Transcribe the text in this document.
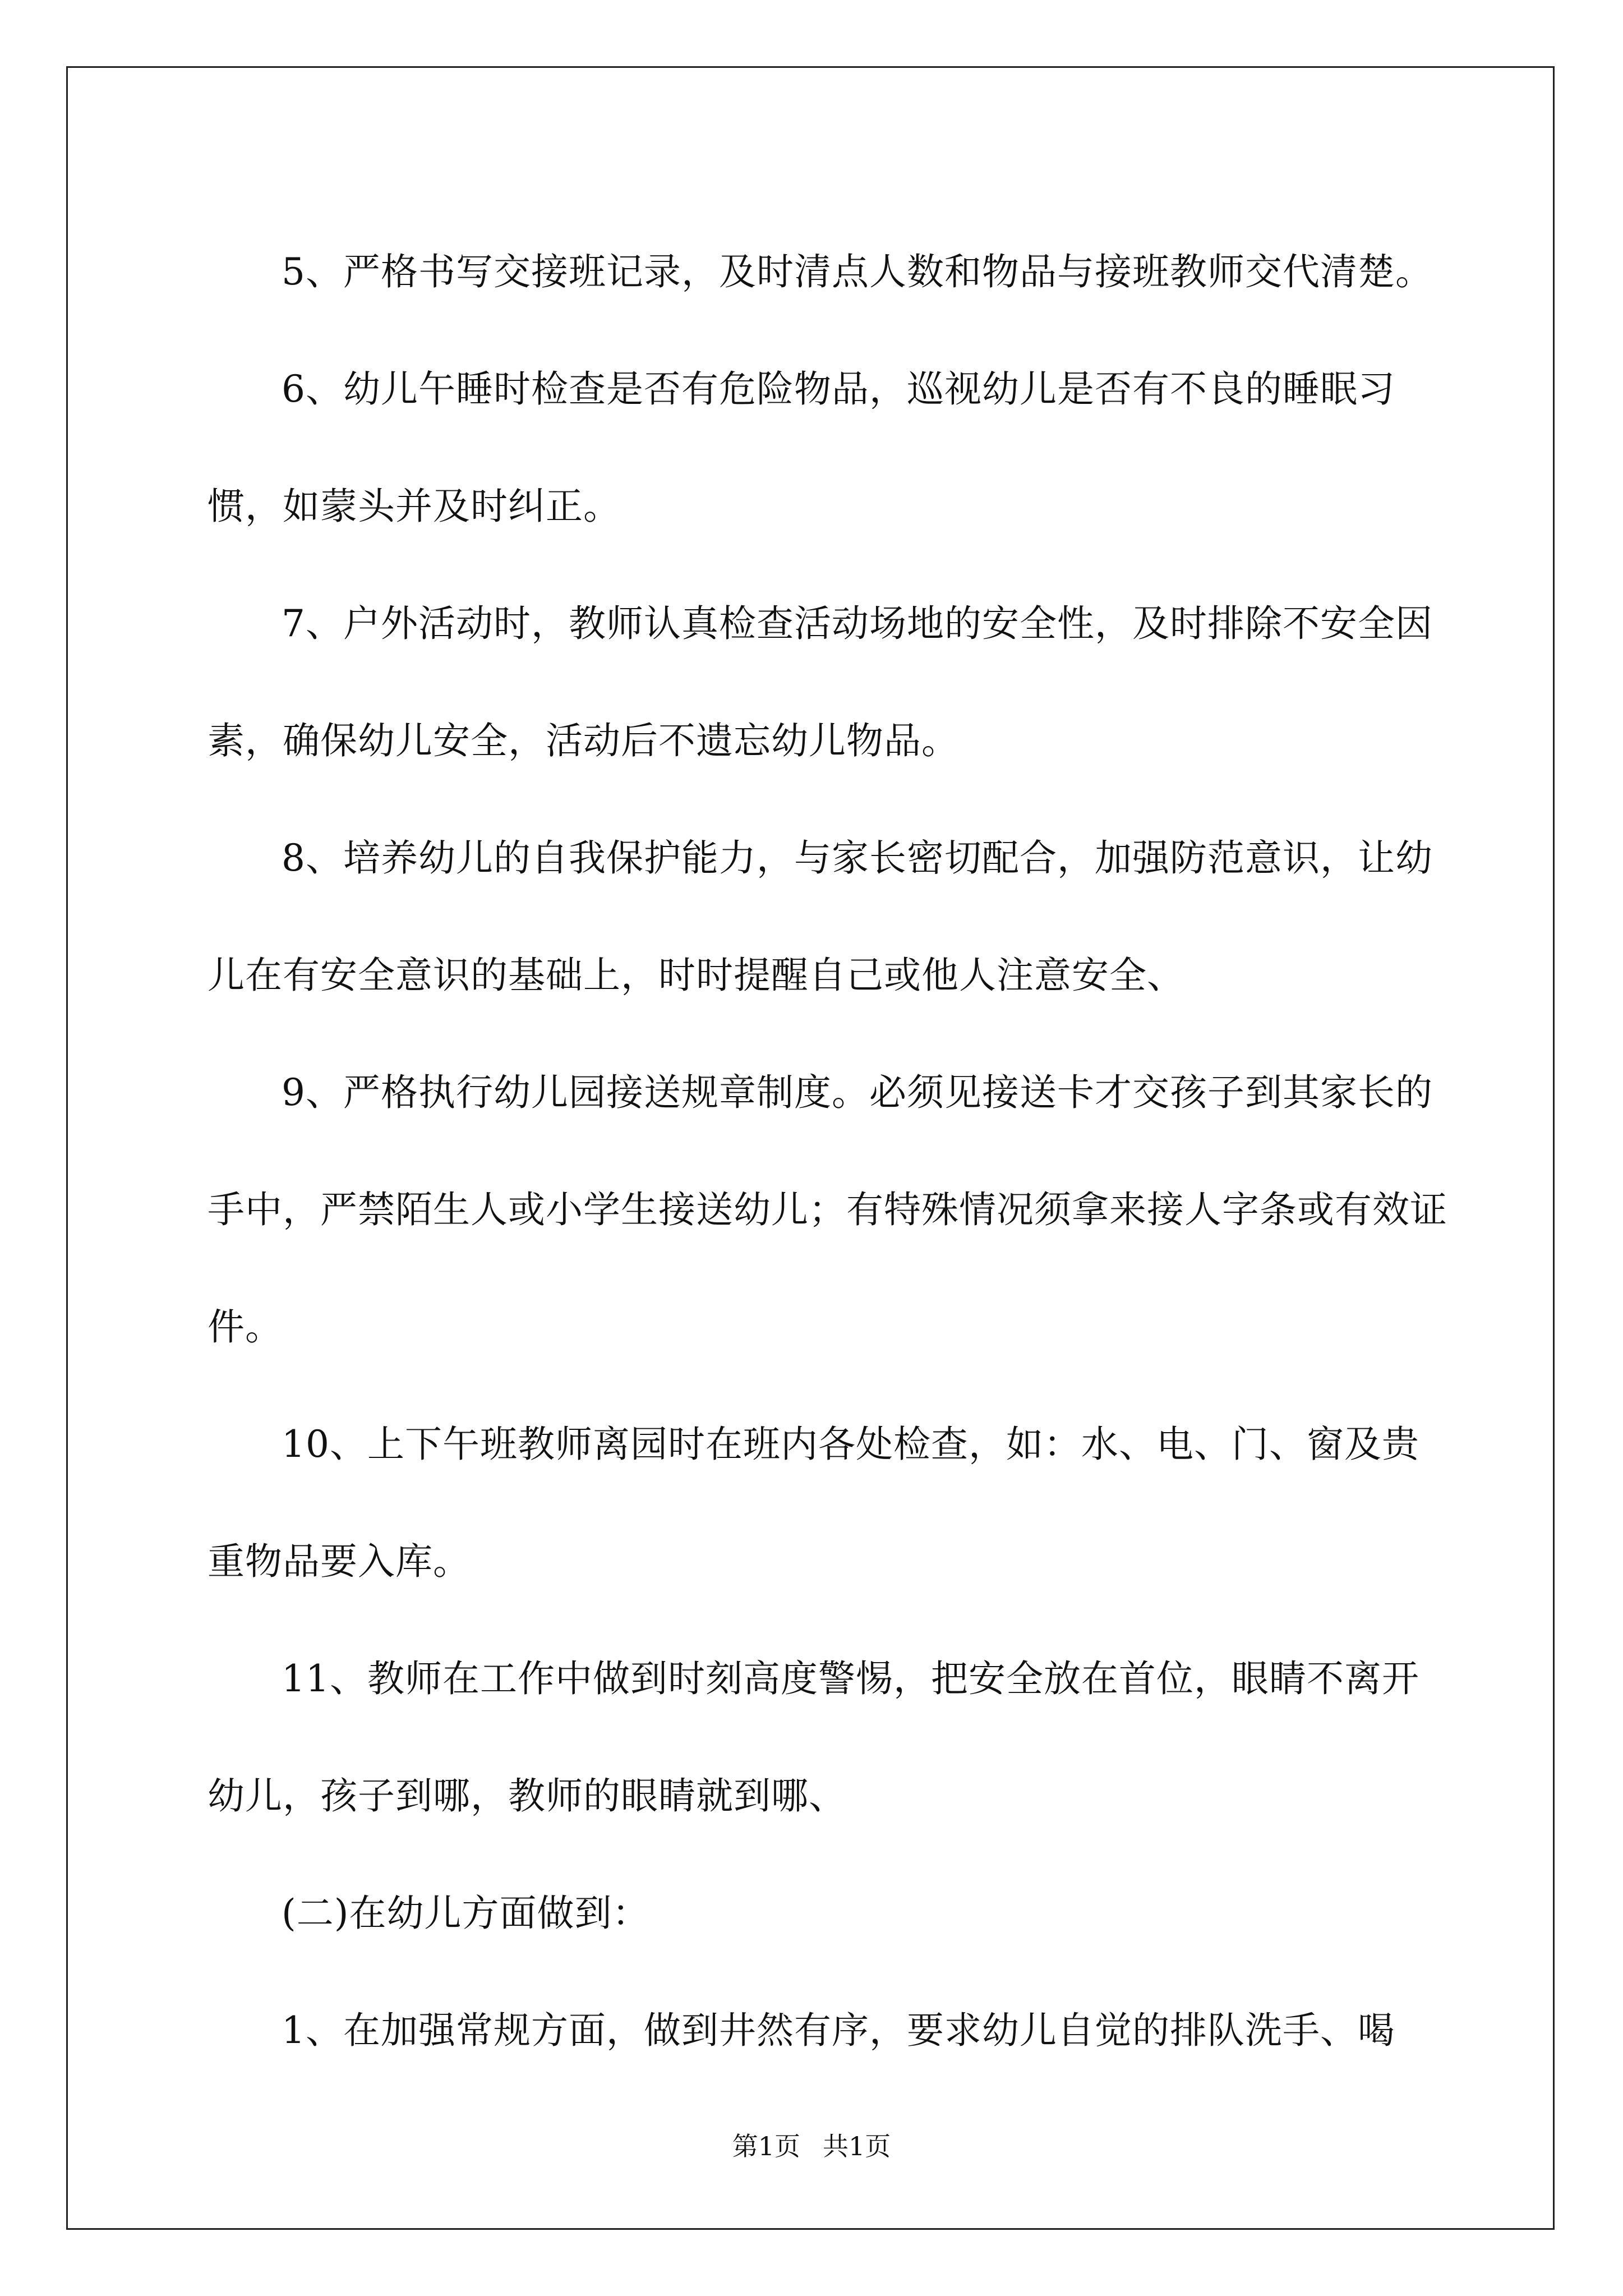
5、严格书写交接班记录，及时清点人数和物品与接班教师交代清楚。

6、幼儿午睡时检查是否有危险物品，巡视幼儿是否有不良的睡眠习惯，如蒙头并及时纠正。

7、户外活动时，教师认真检查活动场地的安全性，及时排除不安全因素，确保幼儿安全，活动后不遗忘幼儿物品。

8、培养幼儿的自我保护能力，与家长密切配合，加强防范意识，让幼儿在有安全意识的基础上，时时提醒自己或他人注意安全、

9、严格执行幼儿园接送规章制度。必须见接送卡才交孩子到其家长的手中，严禁陌生人或小学生接送幼儿；有特殊情况须拿来接人字条或有效证件。

10、上下午班教师离园时在班内各处检查，如：水、电、门、窗及贵重物品要入库。

11、教师在工作中做到时刻高度警惕，把安全放在首位，眼睛不离开幼儿，孩子到哪，教师的眼睛就到哪、

(二)在幼儿方面做到：

1、在加强常规方面，做到井然有序，要求幼儿自觉的排队洗手、喝

第1页 共1页
